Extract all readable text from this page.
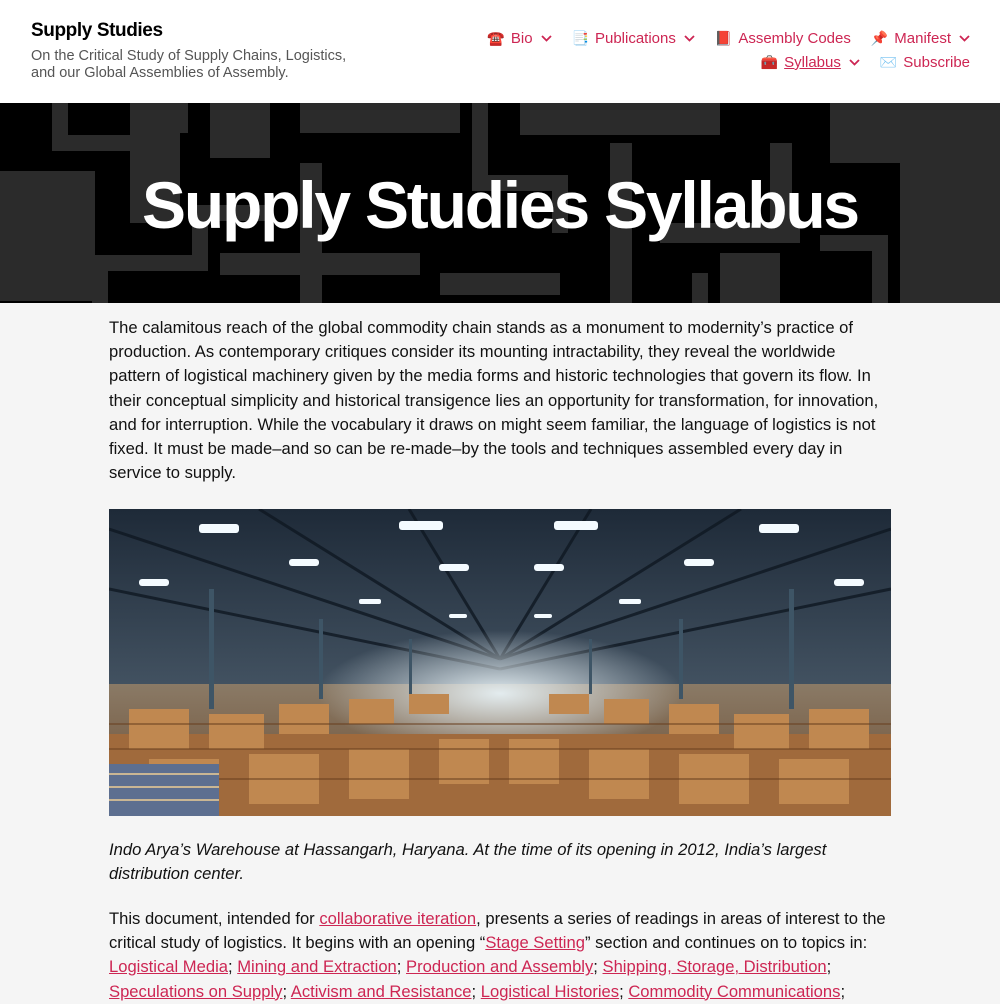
Supply Studies
On the Critical Study of Supply Chains, Logistics, and our Global Assemblies of Assembly.
☎️ Bio	📑 Publications	📕 Assembly Codes 📌 Manifest
🧰 Syllabus	✉️ Subscribe
Supply Studies Syllabus

The calamitous reach of the global commodity chain stands as a monument to modernity’s practice of production. As contemporary critiques consider its mounting intractability, they reveal the worldwide pattern of logistical machinery given by the media forms and historic technologies that govern its flow. In their conceptual simplicity and historical transigence lies an opportunity for transformation, for innovation, and for interruption. While the vocabulary it draws on might seem familiar, the language of logistics is not fixed. It must be made–and so can be re-made–by the tools and techniques assembled every day in service to supply.

Indo Arya’s Warehouse at Hassangarh, Haryana. At the time of its opening in 2012, India’s largest distribution center.

This document, intended for collaborative iteration, presents a series of readings in areas of interest to the critical study of logistics. It begins with an opening “Stage Setting” section and continues on to topics in: Logistical Media; Mining and Extraction; Production and Assembly; Shipping, Storage, Distribution; Speculations on Supply; Activism and Resistance; Logistical Histories; Commodity Communications;
